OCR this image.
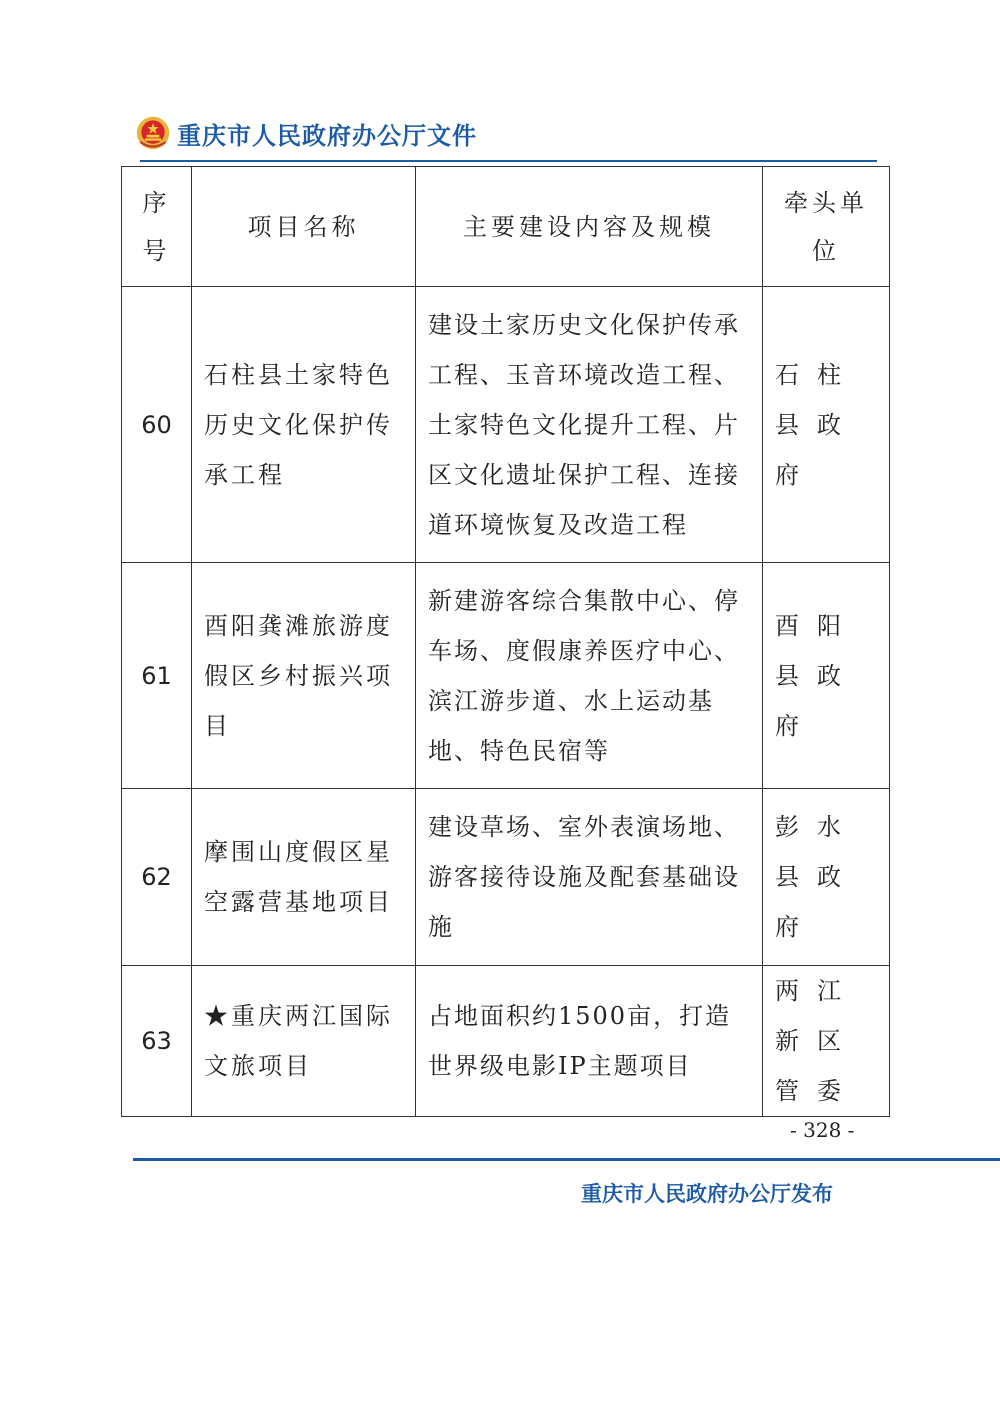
重庆市人民政府办公厅文件
序号	项目名称	主要建设内容及规模	牵头单位
60	石柱县土家特色历史文化保护传承工程	建设土家历史文化保护传承工程、玉音环境改造工程、土家特色文化提升工程、片区文化遗址保护工程、连接道环境恢复及改造工程	石柱县政府
61	酉阳龚滩旅游度假区乡村振兴项目	新建游客综合集散中心、停车场、度假康养医疗中心、滨江游步道、水上运动基地、特色民宿等	酉阳县政府
62	摩围山度假区星空露营基地项目	建设草场、室外表演场地、游客接待设施及配套基础设施	彭水县政府
63	★重庆两江国际文旅项目	占地面积约1500亩，打造世界级电影IP主题项目	两江新区管委
- 328 -
重庆市人民政府办公厅发布
